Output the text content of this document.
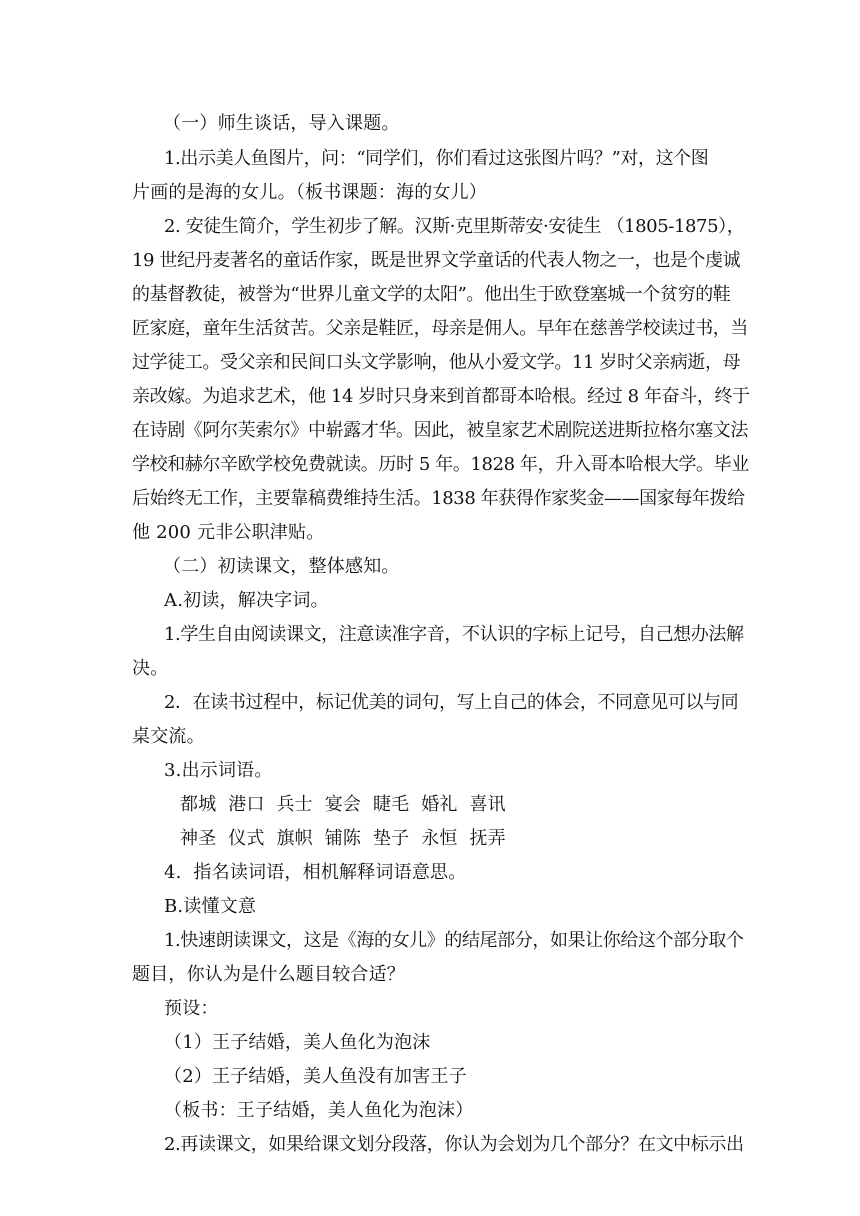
（一）师生谈话，导入课题。
1.出示美人鱼图片，问：“同学们，你们看过这张图片吗？”对，这个图
片画的是海的女儿。（板书课题：海的女儿）
2. 安徒生简介，学生初步了解。汉斯·克里斯蒂安·安徒生 （1805-1875），
19 世纪丹麦著名的童话作家，既是世界文学童话的代表人物之一，也是个虔诚
的基督教徒，被誉为“世界儿童文学的太阳”。他出生于欧登塞城一个贫穷的鞋
匠家庭，童年生活贫苦。父亲是鞋匠，母亲是佣人。早年在慈善学校读过书，当
过学徒工。受父亲和民间口头文学影响，他从小爱文学。11 岁时父亲病逝，母
亲改嫁。为追求艺术，他 14 岁时只身来到首都哥本哈根。经过 8 年奋斗，终于
在诗剧《阿尔芙索尔》中崭露才华。因此，被皇家艺术剧院送进斯拉格尔塞文法
学校和赫尔辛欧学校免费就读。历时 5 年。1828 年，升入哥本哈根大学。毕业
后始终无工作，主要靠稿费维持生活。1838 年获得作家奖金——国家每年拨给
他 200 元非公职津贴。
（二）初读课文，整体感知。
A.初读，解决字词。
1.学生自由阅读课文，注意读准字音，不认识的字标上记号，自己想办法解
决。
2．在读书过程中，标记优美的词句，写上自己的体会，不同意见可以与同
桌交流。
3.出示词语。
都城  港口  兵士  宴会  睫毛  婚礼  喜讯
神圣  仪式  旗帜  铺陈  垫子  永恒  抚弄
4.  指名读词语，相机解释词语意思。
B.读懂文意
1.快速朗读课文，这是《海的女儿》的结尾部分，如果让你给这个部分取个
题目，你认为是什么题目较合适？
预设：
（1）王子结婚，美人鱼化为泡沫
（2）王子结婚，美人鱼没有加害王子
（板书：王子结婚，美人鱼化为泡沫）
2.再读课文，如果给课文划分段落，你认为会划为几个部分？在文中标示出
